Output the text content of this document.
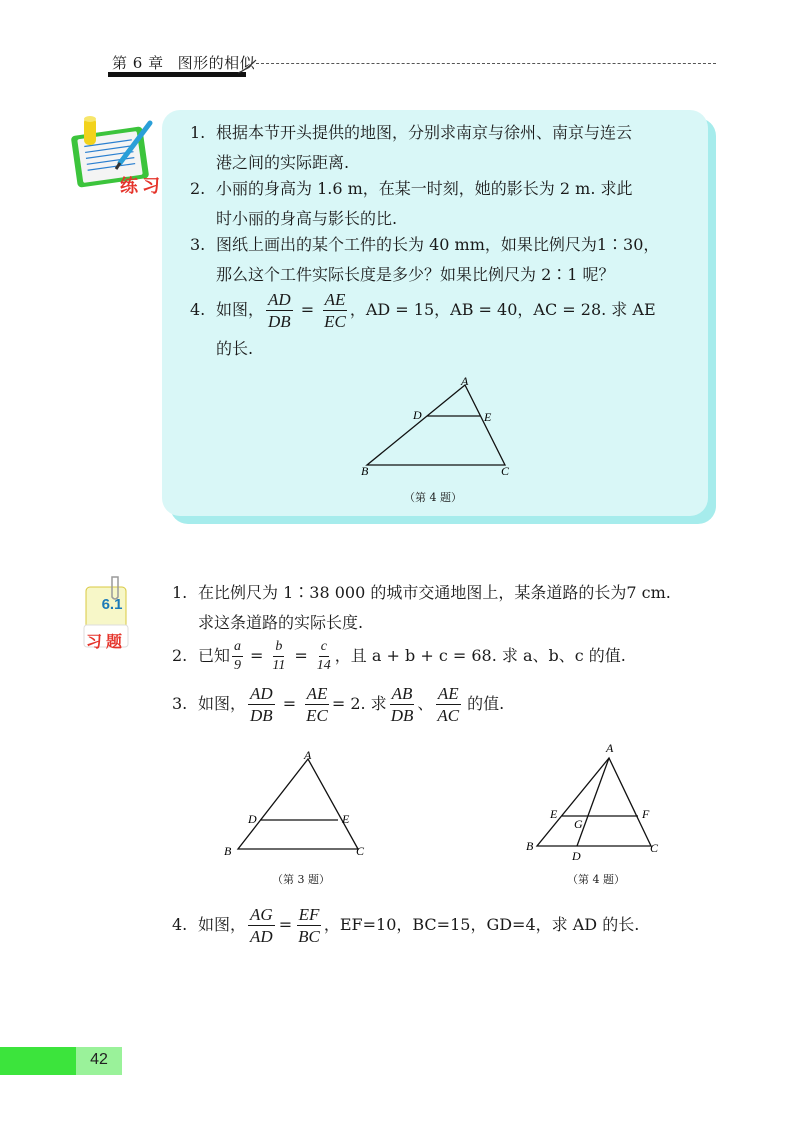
第 6 章 图形的相似
练习
1. 根据本节开头提供的地图，分别求南京与徐州、南京与连云
港之间的实际距离.
2. 小丽的身高为 1.6 m，在某一时刻，她的影长为 2 m. 求此
时小丽的身高与影长的比.
3. 图纸上画出的某个工件的长为 40 mm，如果比例尺为1∶30，
那么这个工件实际长度是多少？如果比例尺为 2∶1 呢？
4. 如图， $\frac{AD}{DB} = \frac{AE}{EC}$ ，AD = 15，AB = 40，AC = 28. 求 AE
的长.
A
D	E
B	C
（第 4 题）
6.1
习题
1. 在比例尺为 1∶38 000 的城市交通地图上，某条道路的长为7 cm.
求这条道路的实际长度.
2. 已知 $\frac{a}{9} = \frac{b}{11} = \frac{c}{14}$ ，且 a + b + c = 68. 求 a、b、c 的值.
3. 如图， $\frac{AD}{DB} = \frac{AE}{EC} = 2$. 求 $\frac{AB}{DB}$ 、 $\frac{AE}{AC}$ 的值.
A
D	E
B	C
（第 3 题）
A
E	F
G
B
D
C
（第 4 题）
4. 如图， $\frac{AG}{AD} = \frac{EF}{BC}$ ，EF=10，BC=15，GD=4，求 AD 的长.
42
